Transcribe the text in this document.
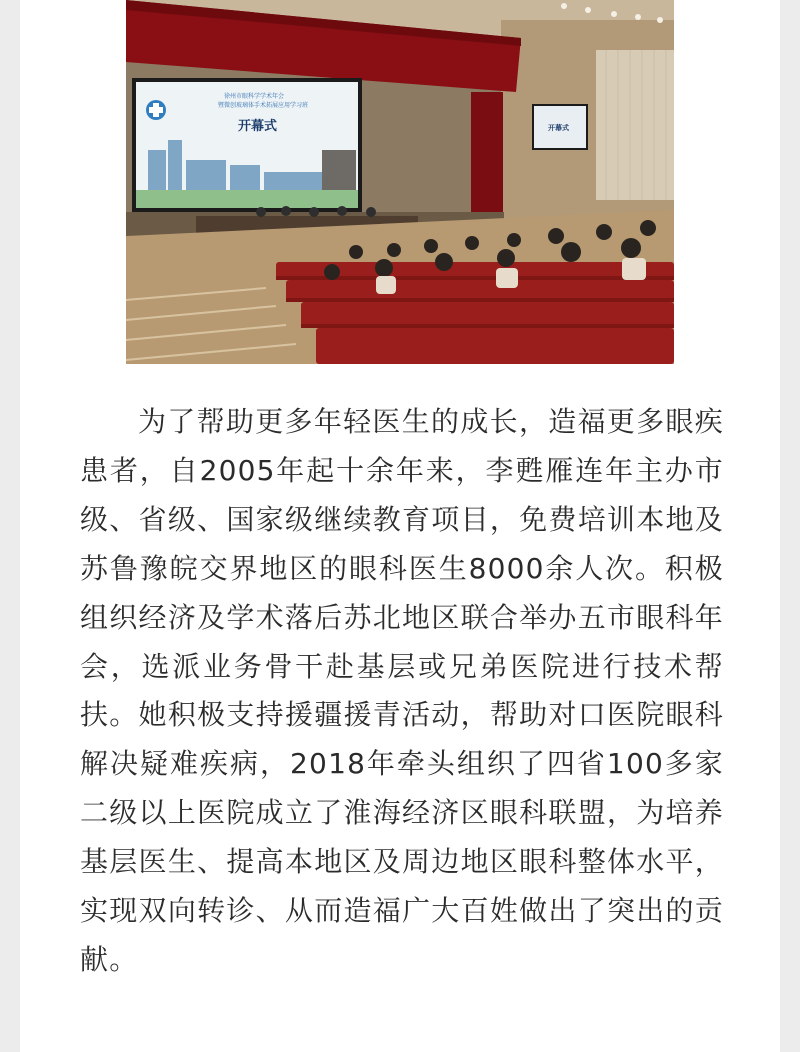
徐州市眼科学学术年会
暨微创玻璃体手术拓展应用学习班
开幕式	开幕式

为了帮助更多年轻医生的成长，造福更多眼疾患者，自2005年起十余年来，李甦雁连年主办市级、省级、国家级继续教育项目，免费培训本地及苏鲁豫皖交界地区的眼科医生8000余人次。积极组织经济及学术落后苏北地区联合举办五市眼科年会，选派业务骨干赴基层或兄弟医院进行技术帮扶。她积极支持援疆援青活动，帮助对口医院眼科解决疑难疾病，2018年牵头组织了四省100多家二级以上医院成立了淮海经济区眼科联盟，为培养基层医生、提高本地区及周边地区眼科整体水平，实现双向转诊、从而造福广大百姓做出了突出的贡献。
